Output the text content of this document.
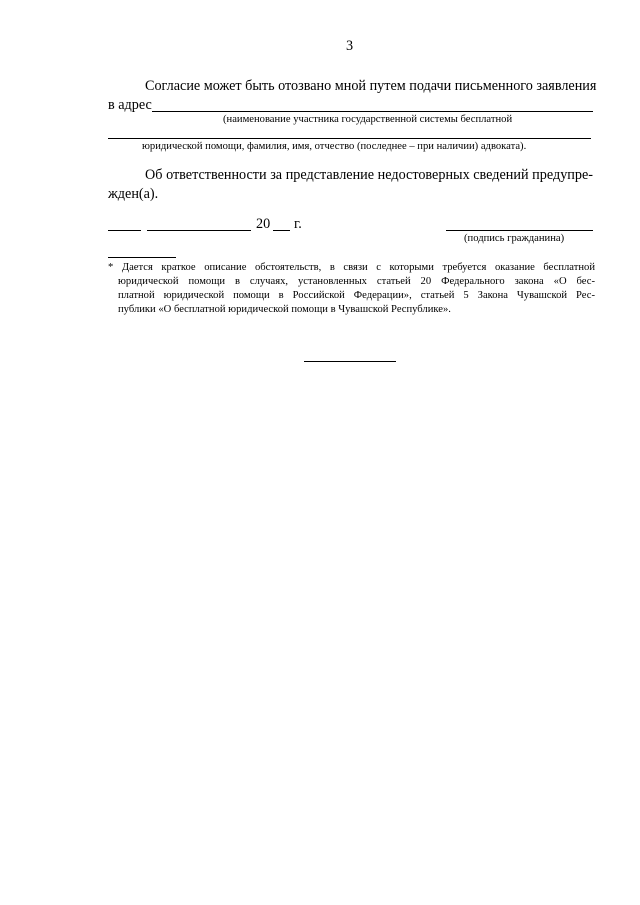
3
Согласие может быть отозвано мной путем подачи письменного заявления
в адрес
(наименование участника государственной системы бесплатной
юридической помощи, фамилия, имя, отчество (последнее – при наличии) адвоката).
Об ответственности за представление недостоверных сведений предупре-
жден(а).
20 г.
(подпись гражданина)
* Дается краткое описание обстоятельств, в связи с которыми требуется оказание бесплатной
юридической помощи в случаях, установленных статьей 20 Федерального закона «О бес-
платной юридической помощи в Российской Федерации», статьей 5 Закона Чувашской Рес-
публики «О бесплатной юридической помощи в Чувашской Республике».
